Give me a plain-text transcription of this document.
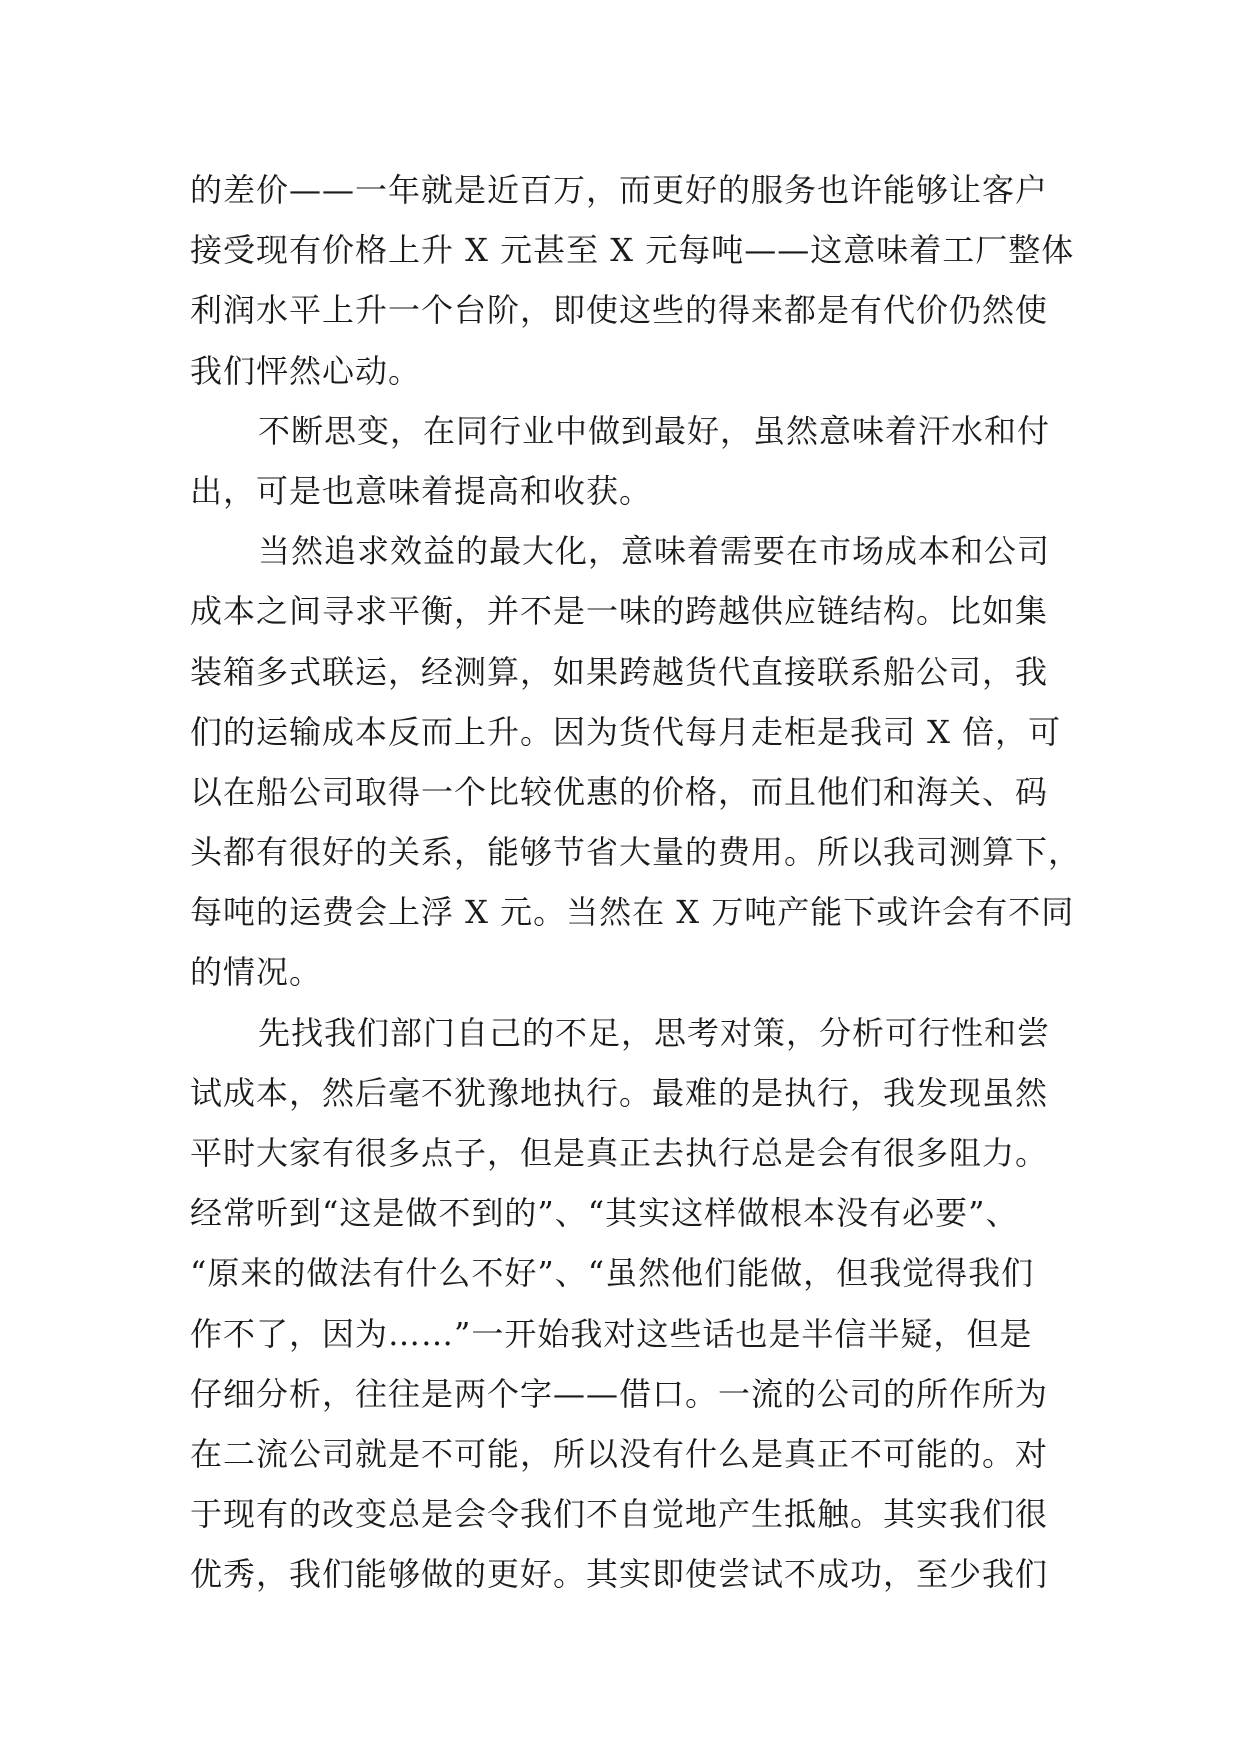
的差价——一年就是近百万，而更好的服务也许能够让客户
接受现有价格上升 X 元甚至 X 元每吨——这意味着工厂整体
利润水平上升一个台阶，即使这些的得来都是有代价仍然使
我们怦然心动。
不断思变，在同行业中做到最好，虽然意味着汗水和付
出，可是也意味着提高和收获。
当然追求效益的最大化，意味着需要在市场成本和公司
成本之间寻求平衡，并不是一味的跨越供应链结构。比如集
装箱多式联运，经测算，如果跨越货代直接联系船公司，我
们的运输成本反而上升。因为货代每月走柜是我司 X 倍，可
以在船公司取得一个比较优惠的价格，而且他们和海关、码
头都有很好的关系，能够节省大量的费用。所以我司测算下，
每吨的运费会上浮 X 元。当然在 X 万吨产能下或许会有不同
的情况。
先找我们部门自己的不足，思考对策，分析可行性和尝
试成本，然后毫不犹豫地执行。最难的是执行，我发现虽然
平时大家有很多点子，但是真正去执行总是会有很多阻力。
经常听到“这是做不到的”、“其实这样做根本没有必要”、
“原来的做法有什么不好”、“虽然他们能做，但我觉得我们
作不了，因为……”一开始我对这些话也是半信半疑，但是
仔细分析，往往是两个字——借口。一流的公司的所作所为
在二流公司就是不可能，所以没有什么是真正不可能的。对
于现有的改变总是会令我们不自觉地产生抵触。其实我们很
优秀，我们能够做的更好。其实即使尝试不成功，至少我们
